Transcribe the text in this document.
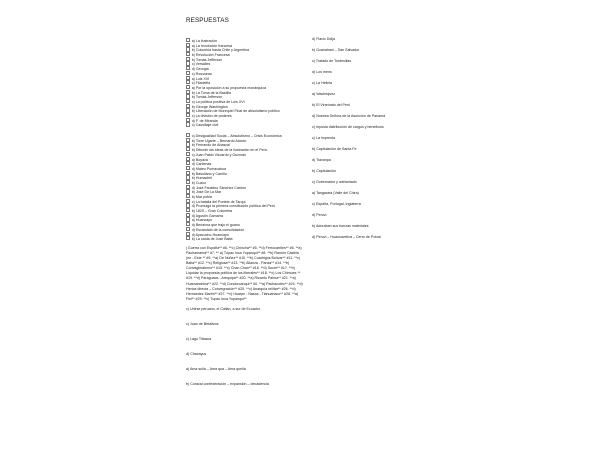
RESPUESTAS
a) La ilustración
a) La revolución francesa
b) Colombia hasta Chile y Argentina
b) Revolución Francesa
b) Tomás Jefferson
c) Versalles
d) Georgia
c) Rousseau
a) Luis XVI
c) Filadelfia
a) Por la oposición a su propuesta monárquica
b) La Toma de la Bastilla
b) Tomás Jefferson
c) La política positiva de Luis XVI
b) George Washington
b) Liberación de Monrquel Final de absolutismo político
c) La división de poderes
d) F. de Miranda
c) Causillaje civil
c) Desigualdad Social – Absolutismo – Crisis Económica
b) Torre Ugarte – Bernardo Alcedo
b) Fernando de Abascal
b) Difundir las ideas de la ilustración en el Perú.
c) Juan Pablo Vizcardo y Guzmán
a) Boyacá
d) Cantenas
d) Mateo Pumacahua
b) Basuliano y Carrillo
b) Humachiri
b) Cuzco
d) José Faustino Sánchez Carrión
b) José De La Mar
b) Mar pobla
c) La batalla del Portete de Tarqui
d) Promulgó la primera constitución política del Perú
b) 1820 – Gran Colombia
d) Agustín Gamarra
a) Huancayo
d) Benavna que trajo el guano
d) Escándalo de la consolidación
d) Ayacucho-Huancayo
b) La caída de José Balta
| Guerra con España** #6. **c) Chincha** #5. **d) Ferrocarriles** #6. **a) Pachamama** #7. ** a) Túpac Inca Yupanqui** #8. **b) Ramón Castilla (en - Este ** #9. **a) De Núñez** #10. **b) Cuadrigós Bolívar** #11. **c) Balta** #12. **c) Religiosa** #13. **b) Alianza - Panza** #14. **b) Convagimaheno** #15. **c) Chan Chan** #16. **d) Sucre** #17. **b) Liquidar la propuesta política de los liberales** #18. **c) Los Chimúes ** #19. **d) Paraguaca - Arequipa** #20. **a) Ricardo Palma** #21. **a) Huamanchina** #22. **d) Condorcanqui** #0. **a) Pachacutec** #24. **d) Herica directa – Convegración** #25. **c) Anarquía militar** #26. **d) Hernández Martín** #27. **c) Huarpe - Nasca - Tiahuanaco** #28. **a) Fiel** #29. **c) Tupac Inca Yupanqui**
c) Unirse peruano, el Callao, a sur de Ecuador.
c) Juan de Betaltzos
c) Lago Titicaca
d) Chavayus
a) Ama sulla – Ama qua – Ama quella
b) Curacal confederación – expansión – decadencia
d) Flavio Ddija
b) Guanahani – San Salvador
c) Tratado de Tordesillas
d) Los mens
c) La Hellela
a) Wachequez
b) El Virreinato del Perú
d) Nuestra Señora de la Asunción de Panamá
c) reposia distribución de cargos y beneficios
c) La imprenta
b) Capitulación de Santa Fe
d) Tiavanpa
b) Capitulación
c) Gobernador y adelantado
a) Tangarara (Valle del Chira)
c) España, Portugal, Inglaterra
d) Peruvi
b) Adoraban sus fuerzas materiales
d) Peruvi – Huancavelica – Cerro de Potosí
